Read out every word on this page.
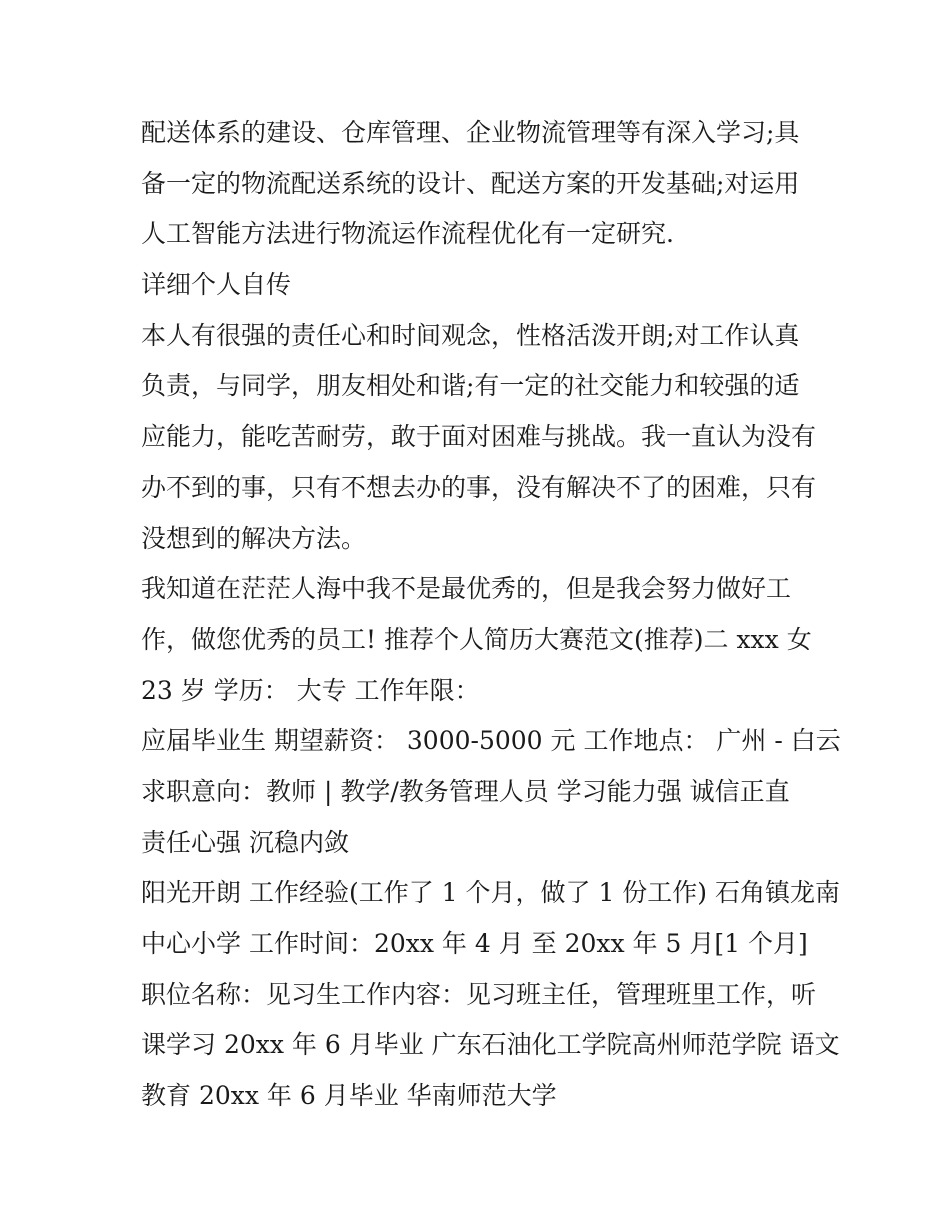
配送体系的建设、仓库管理、企业物流管理等有深入学习;具
备一定的物流配送系统的设计、配送方案的开发基础;对运用
人工智能方法进行物流运作流程优化有一定研究.
详细个人自传
本人有很强的责任心和时间观念，性格活泼开朗;对工作认真
负责，与同学，朋友相处和谐;有一定的社交能力和较强的适
应能力，能吃苦耐劳，敢于面对困难与挑战。我一直认为没有
办不到的事，只有不想去办的事，没有解决不了的困难，只有
没想到的解决方法。
我知道在茫茫人海中我不是最优秀的，但是我会努力做好工
作，做您优秀的员工! 推荐个人简历大赛范文(推荐)二 xxx 女
23 岁 学历： 大专 工作年限：
应届毕业生 期望薪资： 3000-5000 元 工作地点： 广州 - 白云
求职意向：教师 | 教学/教务管理人员 学习能力强 诚信正直
责任心强 沉稳内敛
阳光开朗 工作经验(工作了 1 个月，做了 1 份工作) 石角镇龙南
中心小学 工作时间：20xx 年 4 月 至 20xx 年 5 月[1 个月]
职位名称：见习生工作内容：见习班主任，管理班里工作，听
课学习 20xx 年 6 月毕业 广东石油化工学院高州师范学院 语文
教育 20xx 年 6 月毕业 华南师范大学
